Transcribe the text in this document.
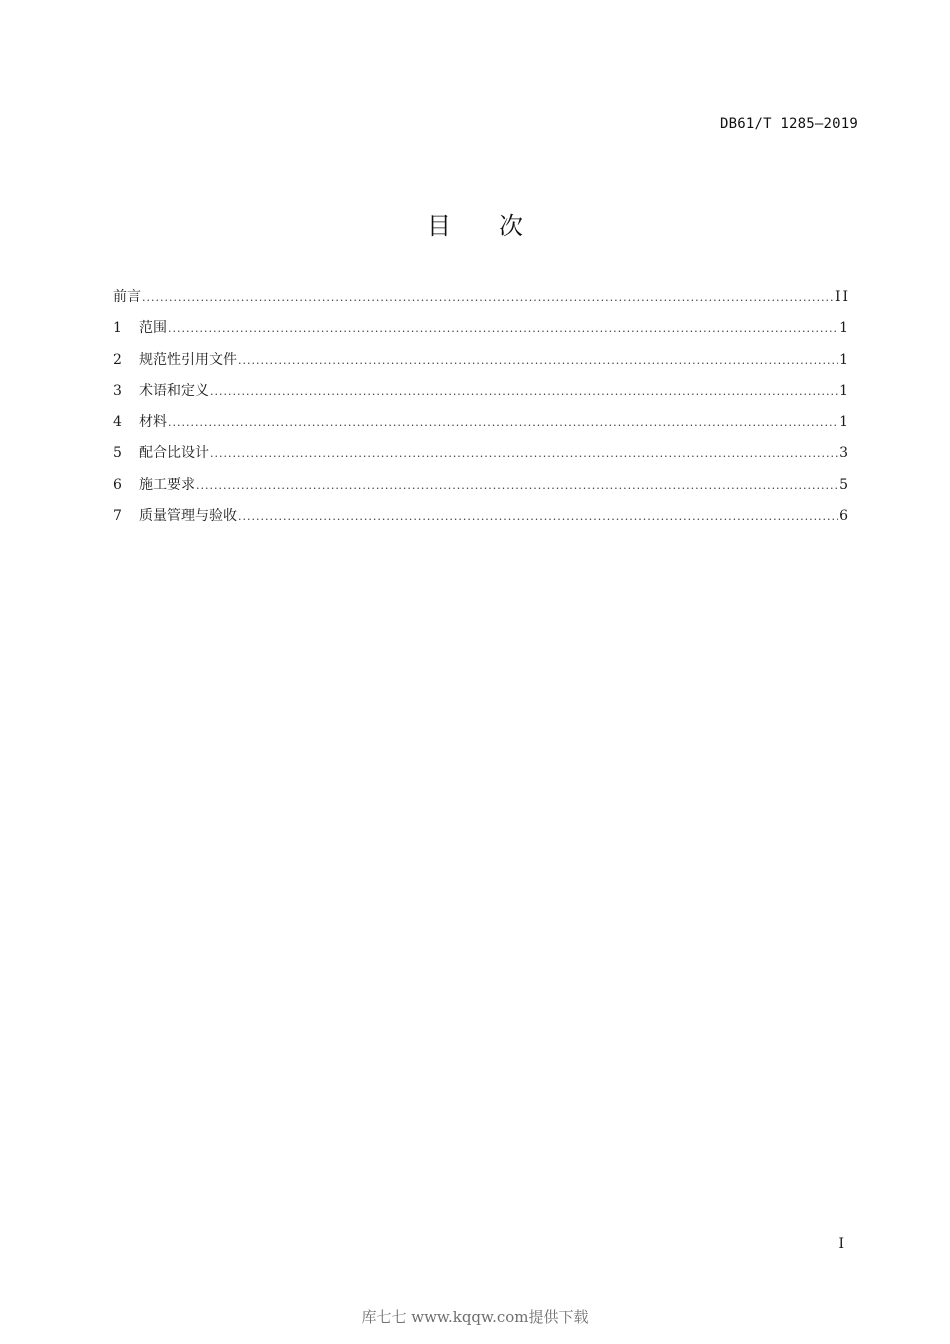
DB61/T 1285—2019
目次
前言 .....	II
1	范围 .....	1
2	规范性引用文件 .....	1
3	术语和定义 .....	1
4	材料 .....	1
5	配合比设计 .....	3
6	施工要求 .....	5
7	质量管理与验收 .....	6
I
库七七 www.kqqw.com提供下载
